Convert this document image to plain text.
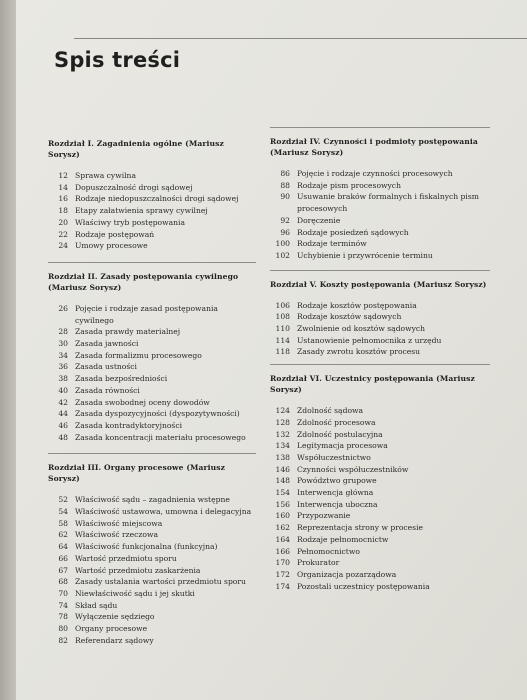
Spis treści
Rozdział I. Zagadnienia ogólne (Mariusz Sorysz)
12 Sprawa cywilna
14 Dopuszczalność drogi sądowej
16 Rodzaje niedopuszczalności drogi sądowej
18 Etapy załatwienia sprawy cywilnej
20 Właściwy tryb postępowania
22 Rodzaje postępowań
24 Umowy procesowe
Rozdział II. Zasady postępowania cywilnego (Mariusz Sorysz)
26 Pojęcie i rodzaje zasad postępowania cywilnego
28 Zasada prawdy materialnej
30 Zasada jawności
34 Zasada formalizmu procesowego
36 Zasada ustności
38 Zasada bezpośredniości
40 Zasada równości
42 Zasada swobodnej oceny dowodów
44 Zasada dyspozycyjności (dyspozytywności)
46 Zasada kontradyktoryjności
48 Zasada koncentracji materiału procesowego
Rozdział III. Organy procesowe (Mariusz Sorysz)
52 Właściwość sądu – zagadnienia wstępne
54 Właściwość ustawowa, umowna i delegacyjna
58 Właściwość miejscowa
62 Właściwość rzeczowa
64 Właściwość funkcjonalna (funkcyjna)
66 Wartość przedmiotu sporu
67 Wartość przedmiotu zaskarżenia
68 Zasady ustalania wartości przedmiotu sporu
70 Niewłaściwość sądu i jej skutki
74 Skład sądu
78 Wyłączenie sędziego
80 Organy procesowe
82 Referendarz sądowy
Rozdział IV. Czynności i podmioty postępowania (Mariusz Sorysz)
86 Pojęcie i rodzaje czynności procesowych
88 Rodzaje pism procesowych
90 Usuwanie braków formalnych i fiskalnych pism procesowych
92 Doręczenie
96 Rodzaje posiedzeń sądowych
100 Rodzaje terminów
102 Uchybienie i przywrócenie terminu
Rozdział V. Koszty postępowania (Mariusz Sorysz)
106 Rodzaje kosztów postępowania
108 Rodzaje kosztów sądowych
110 Zwolnienie od kosztów sądowych
114 Ustanowienie pełnomocnika z urzędu
118 Zasady zwrotu kosztów procesu
Rozdział VI. Uczestnicy postępowania (Mariusz Sorysz)
124 Zdolność sądowa
128 Zdolność procesowa
132 Zdolność postulacyjna
134 Legitymacja procesowa
138 Współuczestnictwo
146 Czynności współuczestników
148 Powództwo grupowe
154 Interwencja główna
156 Interwencja uboczna
160 Przypozwanie
162 Reprezentacja strony w procesie
164 Rodzaje pełnomocnictw
166 Pełnomocnictwo
170 Prokurator
172 Organizacja pozarządowa
174 Pozostali uczestnicy postępowania
